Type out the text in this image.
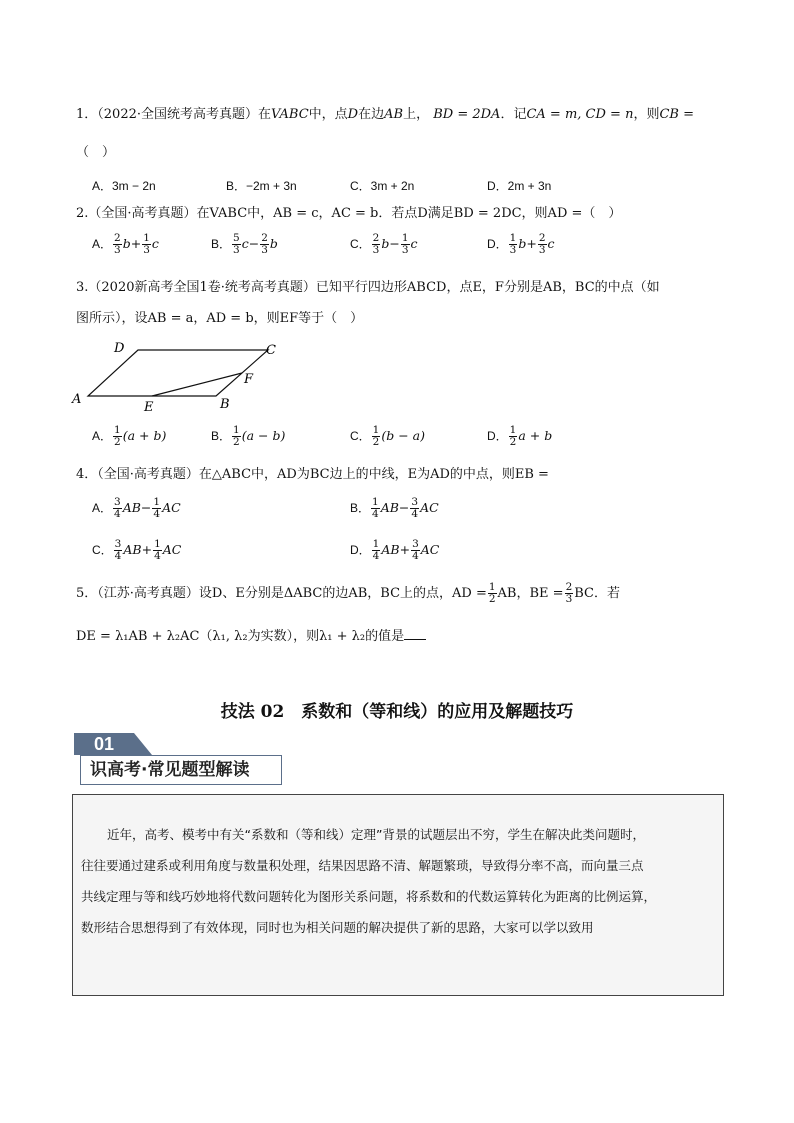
1．（2022·全国统考高考真题）在VABC中，点D在边AB上， BD = 2DA．记CA = m, CD = n，则CB =
（　）
A．3m − 2n	B．−2m + 3n	C．3m + 2n	D．2m + 3n
2.（全国·高考真题）在VABC中，AB = c，AC = b．若点D满足BD = 2DC，则AD =（　）
A． $\frac{2}{3} b+ \frac{1}{3}$ c	B． $\frac{5}{3} c- \frac{2}{3}$ b	C． $\frac{2}{3} b- \frac{1}{3}$ c	D． $\frac{1}{3} b+ \frac{2}{3}$ c
3.（2020新高考全国1卷·统考高考真题）已知平行四边形ABCD，点E，F分别是AB，BC的中点（如
图所示），设AB = a，AD = b，则EF等于（　）
A
E	B
F
C
D
A． $\frac{1}{2} (a + b)$	B． $\frac{1}{2} (a - b)$	C． $\frac{1}{2} (b - a)$	D． $\frac{1}{2}$ a + b
4．（全国·高考真题）在△ABC中，AD为BC边上的中线，E为AD的中点，则EB =
A． $\frac{3}{4} AB- \frac{1}{4}$ AC	B． $\frac{1}{4} AB- \frac{3}{4}$ AC
C． $\frac{3}{4} AB+ \frac{1}{4}$ AC	D． $\frac{1}{4} AB+ \frac{3}{4}$ AC
5．（江苏·高考真题）设D、E分别是ΔABC的边AB，BC上的点，AD = $\frac{1}{2}$ AB，BE = $\frac{2}{3}$ BC．若
DE = λ₁AB + λ₂AC（λ₁, λ₂为实数），则λ₁ + λ₂的值是
技法 02　系数和（等和线）的应用及解题技巧
01
识高考·常见题型解读
近年，高考、模考中有关“系数和（等和线）定理”背景的试题层出不穷，学生在解决此类问题时，
往往要通过建系或利用角度与数量积处理，结果因思路不清、解题繁琐，导致得分率不高，而向量三点
共线定理与等和线巧妙地将代数问题转化为图形关系问题，将系数和的代数运算转化为距离的比例运算，
数形结合思想得到了有效体现，同时也为相关问题的解决提供了新的思路，大家可以学以致用
